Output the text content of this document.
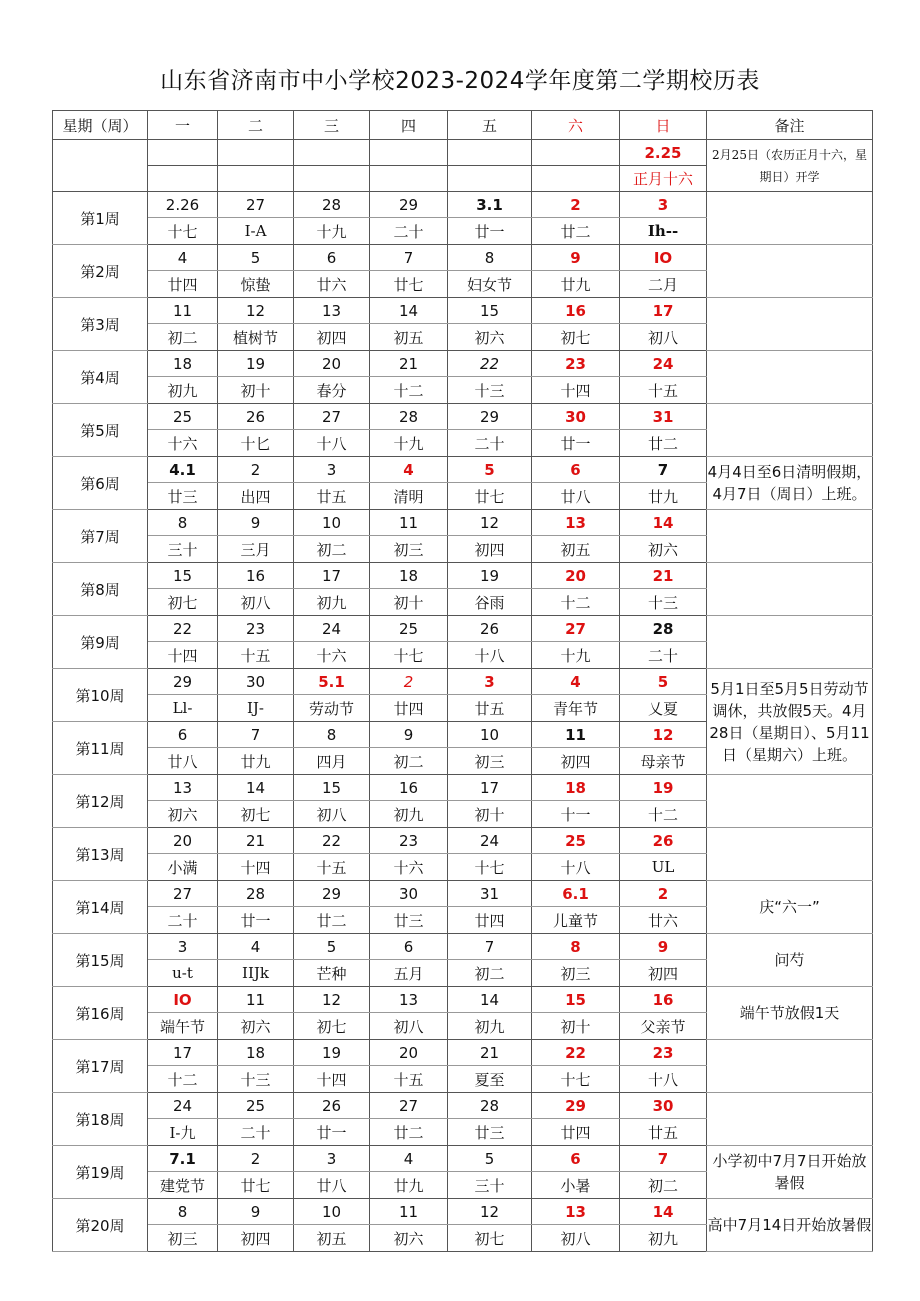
山东省济南市中小学校2023-2024学年度第二学期校历表
星期（周）	一	二	三	四	五	六	日	备注
							2.25	2月25日（农历正月十六，星期日）开学
							正月十六	
第1周	2.26	27	28	29	3.1	2	3	
	十七	I-A	十九	二十	廿一	廿二	Ih--	
第2周	4	5	6	7	8	9	IO	
	廿四	惊蛰	廿六	廿七	妇女节	廿九	二月	
第3周	11	12	13	14	15	16	17	
	初二	植树节	初四	初五	初六	初七	初八	
第4周	18	19	20	21	22	23	24	
	初九	初十	春分	十二	十三	十四	十五	
第5周	25	26	27	28	29	30	31	
	十六	十匕	十八	十九	二十	廿一	廿二	
第6周	4.1	2	3	4	5	6	7	4月4日至6日清明假期，4月7日（周日）上班。
	廿三	出四	廿五	清明	廿七	廿八	廿九	
第7周	8	9	10	11	12	13	14	
	三十	三月	初二	初三	初四	初五	初六	
第8周	15	16	17	18	19	20	21	
	初七	初八	初九	初十	谷雨	十二	十三	
第9周	22	23	24	25	26	27	28	
	十四	十五	十六	十七	十八	十九	二十	
第10周	29	30	5.1	2	3	4	5	5月1日至5月5日劳动节调休，共放假5天。4月28日（星期日）、5月11日（星期六）上班。
	Ll-	IJ-	劳动节	廿四	廿五	青年节	乂夏	
第11周	6	7	8	9	10	11	12	
	廿八	廿九	四月	初二	初三	初四	母亲节	
第12周	13	14	15	16	17	18	19	
	初六	初七	初八	初九	初十	十一	十二	
第13周	20	21	22	23	24	25	26	
	小满	十四	十五	十六	十七	十八	UL	
第14周	27	28	29	30	31	6.1	2	庆“六一”
	二十	廿一	廿二	廿三	廿四	儿童节	廿六	
第15周	3	4	5	6	7	8	9	问芍
	u-t	IIJk	芒种	五月	初二	初三	初四	
第16周	IO	11	12	13	14	15	16	端午节放假1天
	端午节	初六	初七	初八	初九	初十	父亲节	
第17周	17	18	19	20	21	22	23	
	十二	十三	十四	十五	夏至	十七	十八	
第18周	24	25	26	27	28	29	30	
	I-九	二十	廿一	廿二	廿三	廿四	廿五	
第19周	7.1	2	3	4	5	6	7	小学初中7月7日开始放暑假
	建党节	廿七	廿八	廿九	三十	小暑	初二	
第20周	8	9	10	11	12	13	14	高中7月14日开始放暑假
	初三	初四	初五	初六	初七	初八	初九	
